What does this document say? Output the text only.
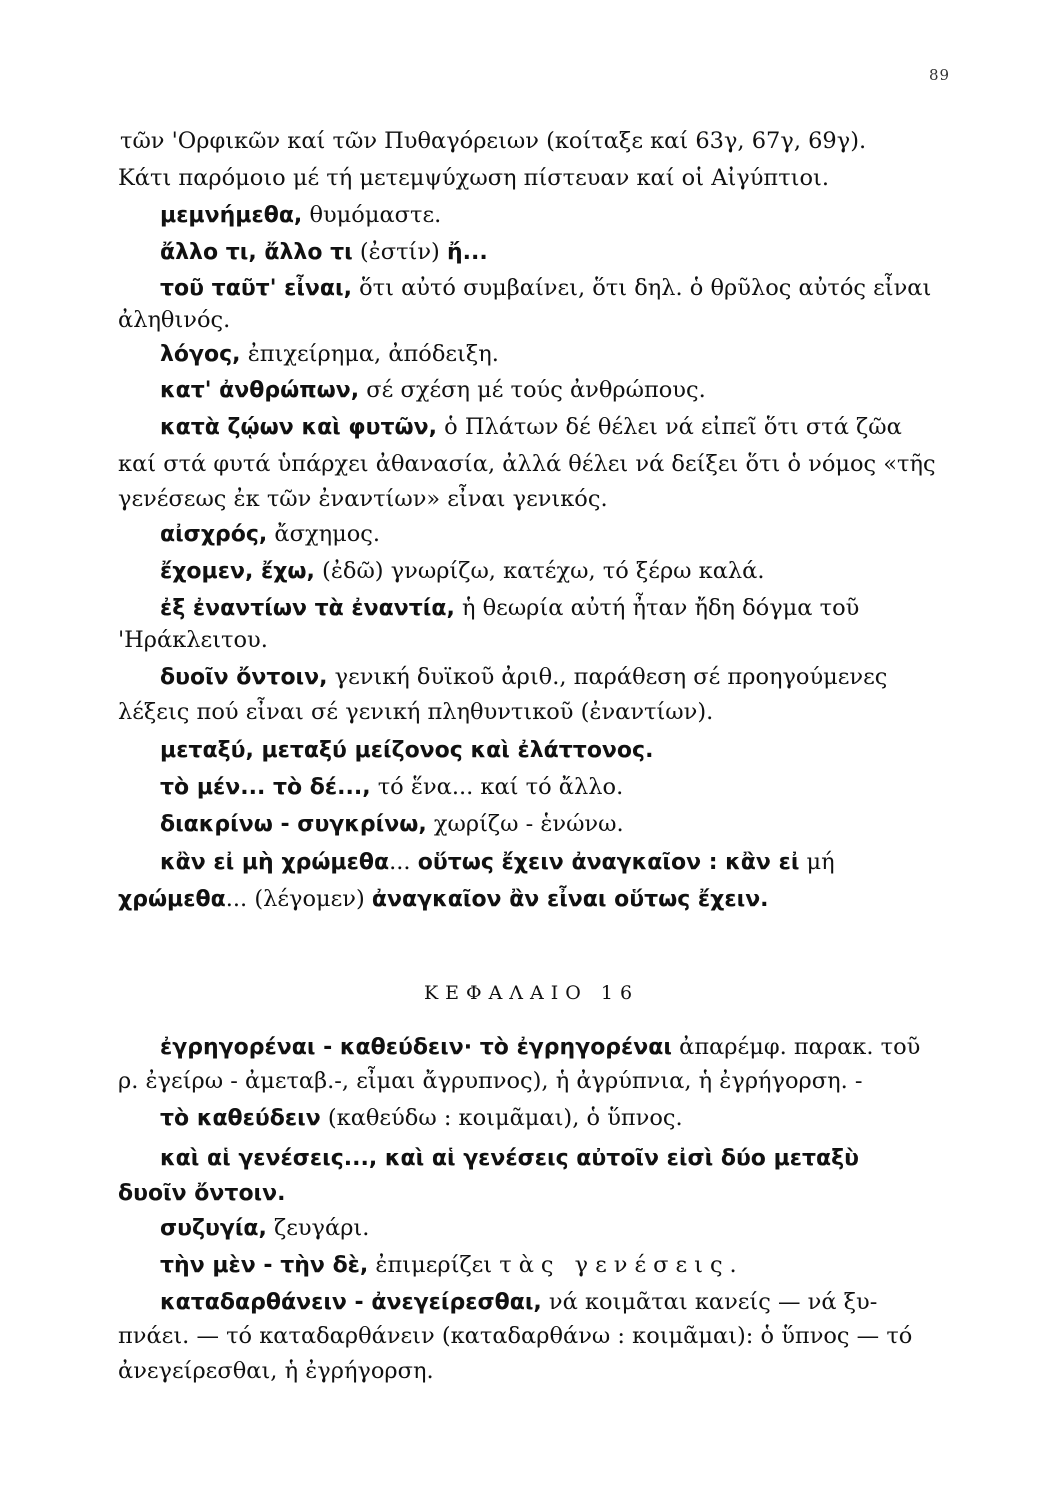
89
τῶν 'Ορφικῶν καί τῶν Πυθαγόρειων (κοίταξε καί 63γ, 67γ, 69γ).
Κάτι παρόμοιο μέ τή μετεμψύχωση πίστευαν καί οἱ Αἰγύπτιοι.
μεμνήμεθα, θυμόμαστε.
ἄλλο τι, ἄλλο τι (ἐστίν) ἤ...
τοῦ ταῦτ' εἶναι, ὅτι αὐτό συμβαίνει, ὅτι δηλ. ὁ θρῦλος αὐτός εἶναι
ἀληθινός.
λόγος, ἐπιχείρημα, ἀπόδειξη.
κατ' ἀνθρώπων, σέ σχέση μέ τούς ἀνθρώπους.
κατὰ ζῴων καὶ φυτῶν, ὁ Πλάτων δέ θέλει νά εἰπεῖ ὅτι στά ζῶα
καί στά φυτά ὑπάρχει ἀθανασία, ἀλλά θέλει νά δείξει ὅτι ὁ νόμος «τῆς
γενέσεως ἐκ τῶν ἐναντίων» εἶναι γενικός.
αἰσχρός, ἄσχημος.
ἔχομεν, ἔχω, (ἐδῶ) γνωρίζω, κατέχω, τό ξέρω καλά.
ἐξ ἐναντίων τὰ ἐναντία, ἡ θεωρία αὐτή ἦταν ἤδη δόγμα τοῦ
'Ηράκλειτου.
δυοῖν ὄντοιν, γενική δυϊκοῦ ἀριθ., παράθεση σέ προηγούμενες
λέξεις πού εἶναι σέ γενική πληθυντικοῦ (ἐναντίων).
μεταξύ, μεταξύ μείζονος καὶ ἐλάττονος.
τὸ μέν... τὸ δέ..., τό ἕνα... καί τό ἄλλο.
διακρίνω - συγκρίνω, χωρίζω - ἑνώνω.
κἂν εἰ μὴ χρώμεθα... οὕτως ἔχειν ἀναγκαῖον : κἂν εἰ μή
χρώμεθα... (λέγομεν) ἀναγκαῖον ἂν εἶναι οὕτως ἔχειν.
ΚΕΦΑΛΑΙΟ 16
ἐγρηγορέναι - καθεύδειν· τὸ ἐγρηγορέναι ἀπαρέμφ. παρακ. τοῦ
ρ. ἐγείρω - ἀμεταβ.-, εἶμαι ἄγρυπνος), ἡ ἀγρύπνια, ἡ ἐγρήγορση. -
τὸ καθεύδειν (καθεύδω : κοιμᾶμαι), ὁ ὕπνος.
καὶ αἱ γενέσεις..., καὶ αἱ γενέσεις αὐτοῖν εἰσὶ δύο μεταξὺ
δυοῖν ὄντοιν.
συζυγία, ζευγάρι.
τὴν μὲν - τὴν δὲ, ἐπιμερίζει τὰς γενέσεις.
καταδαρθάνειν - ἀνεγείρεσθαι, νά κοιμᾶται κανείς — νά ξυ-
πνάει. — τό καταδαρθάνειν (καταδαρθάνω : κοιμᾶμαι): ὁ ὕπνος — τό
ἀνεγείρεσθαι, ἡ ἐγρήγορση.
